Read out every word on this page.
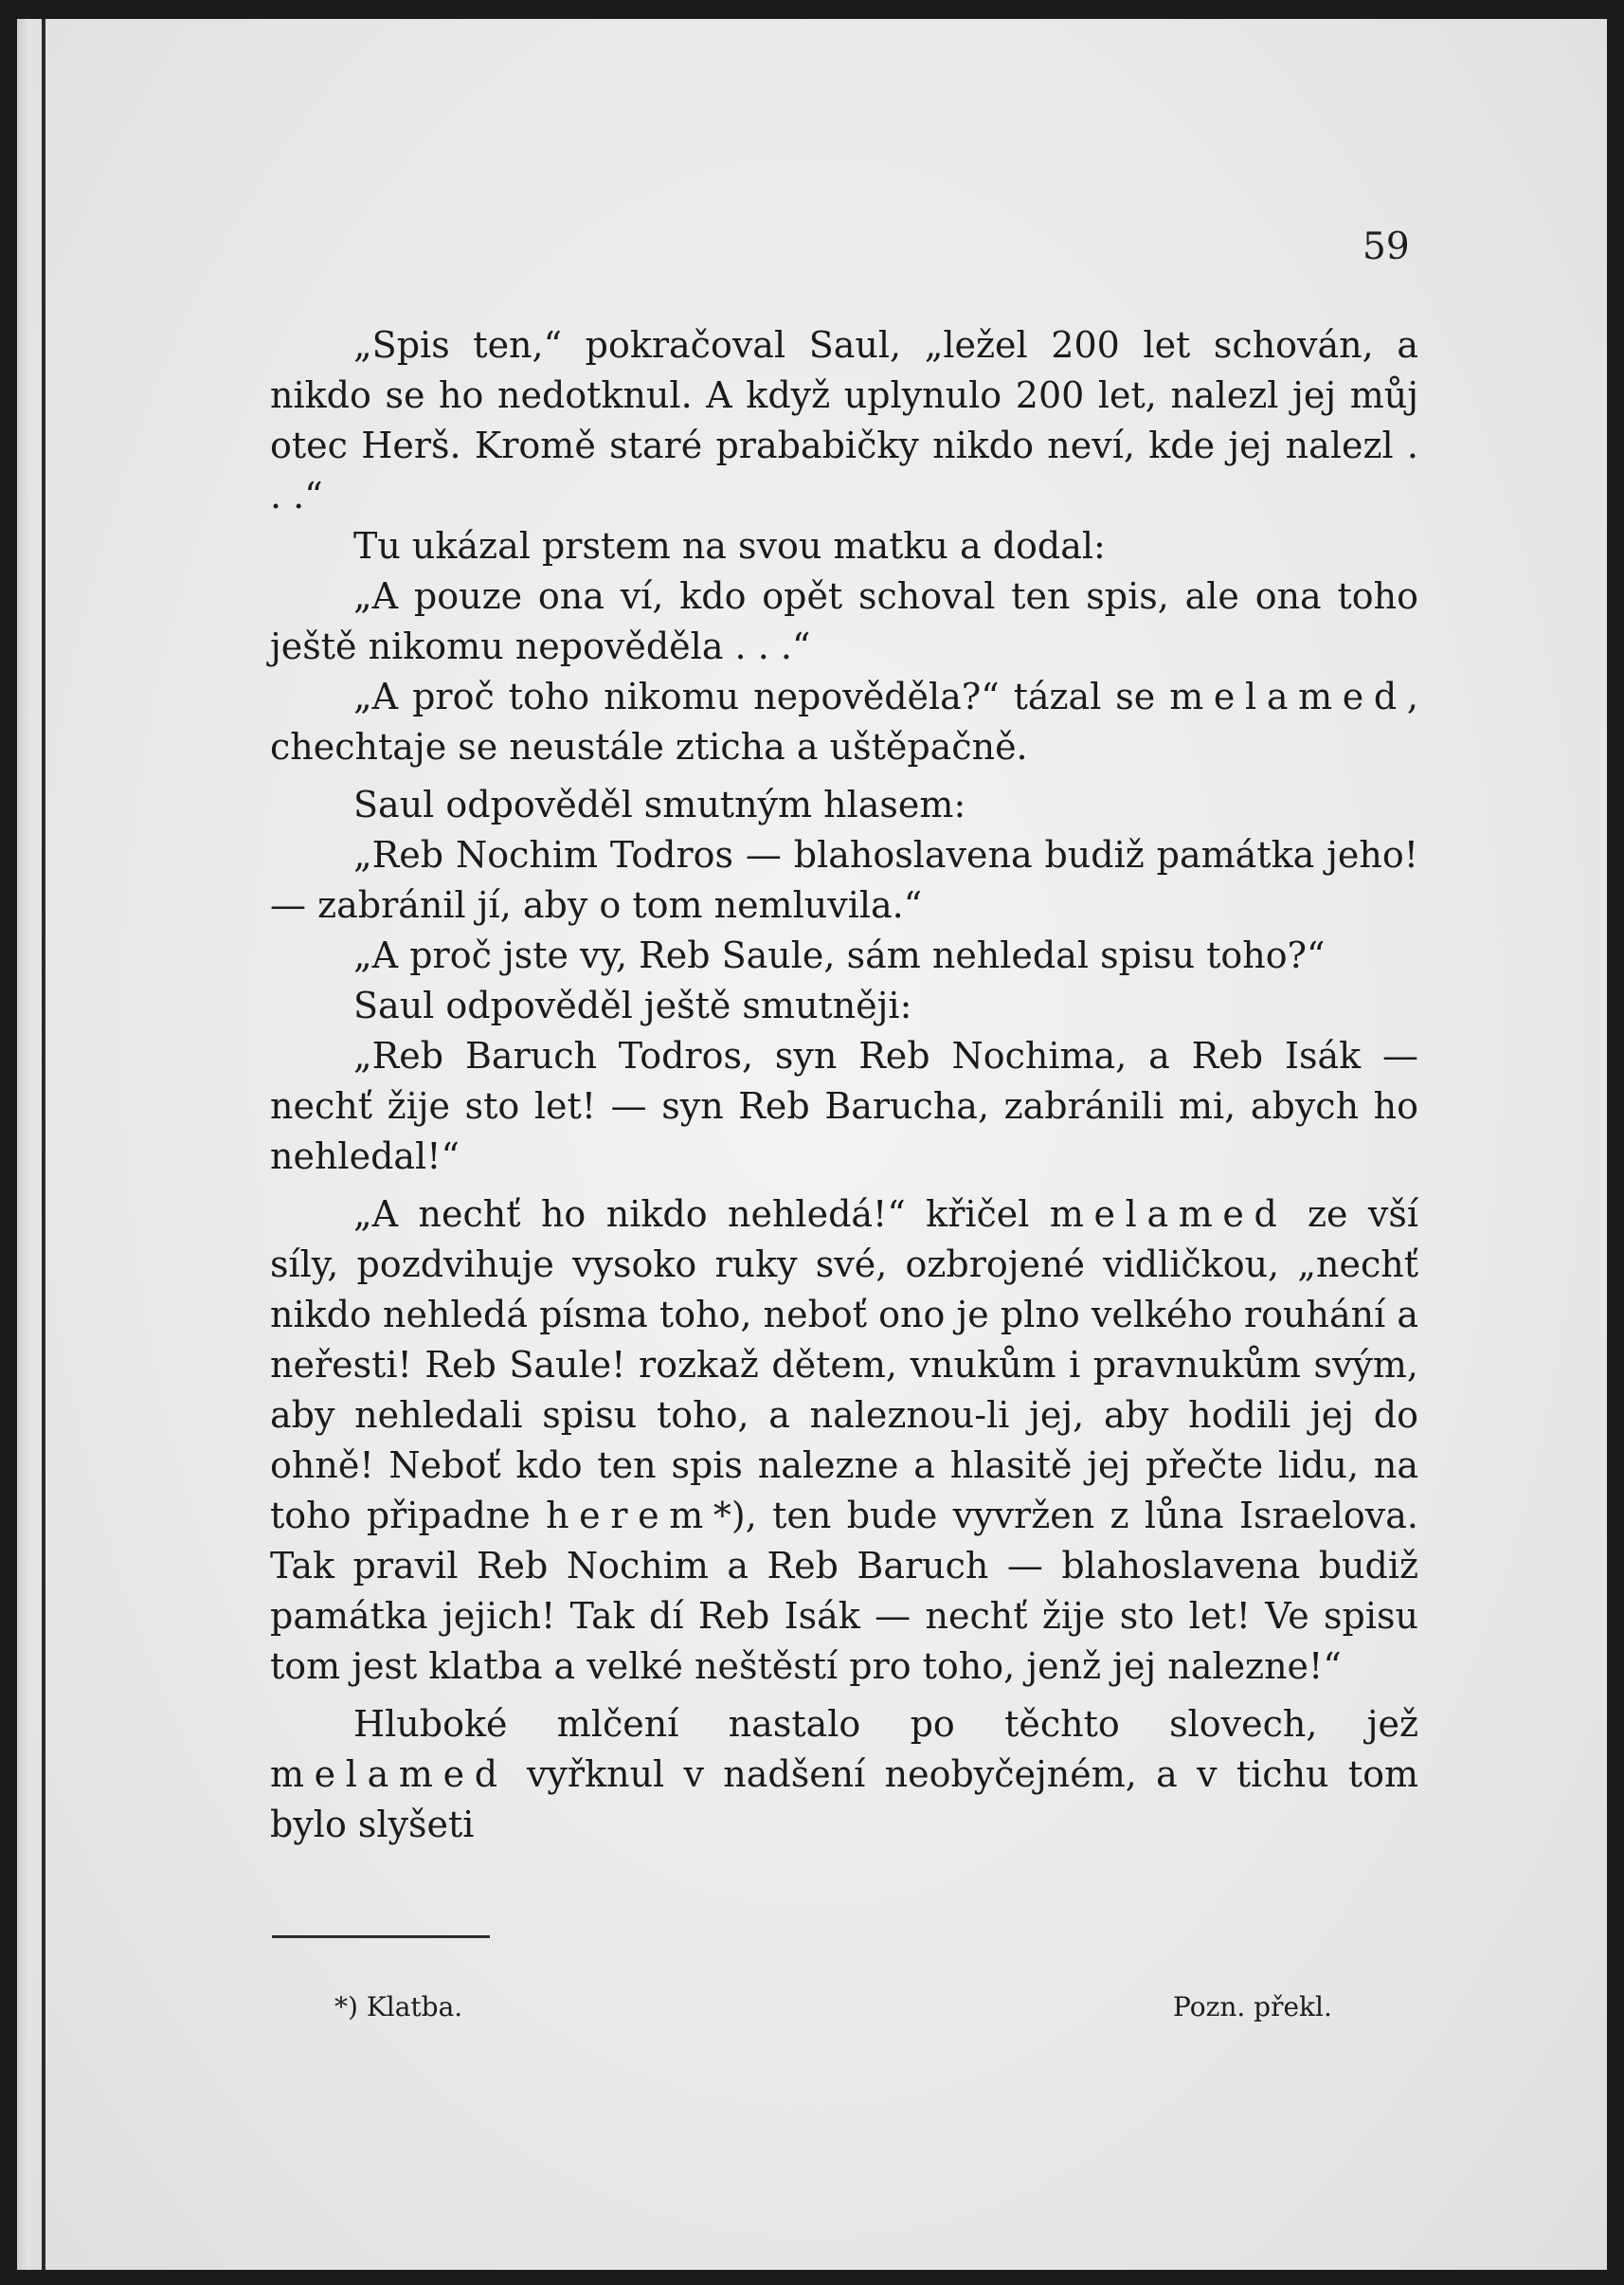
59

„Spis ten,“ pokračoval Saul, „ležel 200 let schován, a nikdo se ho nedotknul. A když uplynulo 200 let, nalezl jej můj otec Herš. Kromě staré prababičky nikdo neví, kde jej nalezl . . .“

Tu ukázal prstem na svou matku a dodal:

„A pouze ona ví, kdo opět schoval ten spis, ale ona toho ještě nikomu nepověděla . . .“

„A proč toho nikomu nepověděla?“ tázal se melamed, chechtaje se neustále zticha a uštěpačně.

Saul odpověděl smutným hlasem:

„Reb Nochim Todros — blahoslavena budiž památka jeho! — zabránil jí, aby o tom nemluvila.“

„A proč jste vy, Reb Saule, sám nehledal spisu toho?“

Saul odpověděl ještě smutněji:

„Reb Baruch Todros, syn Reb Nochima, a Reb Isák — nechť žije sto let! — syn Reb Barucha, zabránili mi, abych ho nehledal!“

„A nechť ho nikdo nehledá!“ křičel melamed ze vší síly, pozdvihuje vysoko ruky své, ozbrojené vidličkou, „nechť nikdo nehledá písma toho, neboť ono je plno velkého rouhání a neřesti! Reb Saule! rozkaž dětem, vnukům i pravnukům svým, aby nehledali spisu toho, a naleznou-li jej, aby hodili jej do ohně! Neboť kdo ten spis nalezne a hlasitě jej přečte lidu, na toho připadne herem*), ten bude vyvržen z lůna Israelova. Tak pravil Reb Nochim a Reb Baruch — blahoslavena budiž památka jejich! Tak dí Reb Isák — nechť žije sto let! Ve spisu tom jest klatba a velké neštěstí pro toho, jenž jej nalezne!“

Hluboké mlčení nastalo po těchto slovech, jež melamed vyřknul v nadšení neobyčejném, a v tichu tom bylo slyšeti

*) Klatba.	Pozn. překl.
